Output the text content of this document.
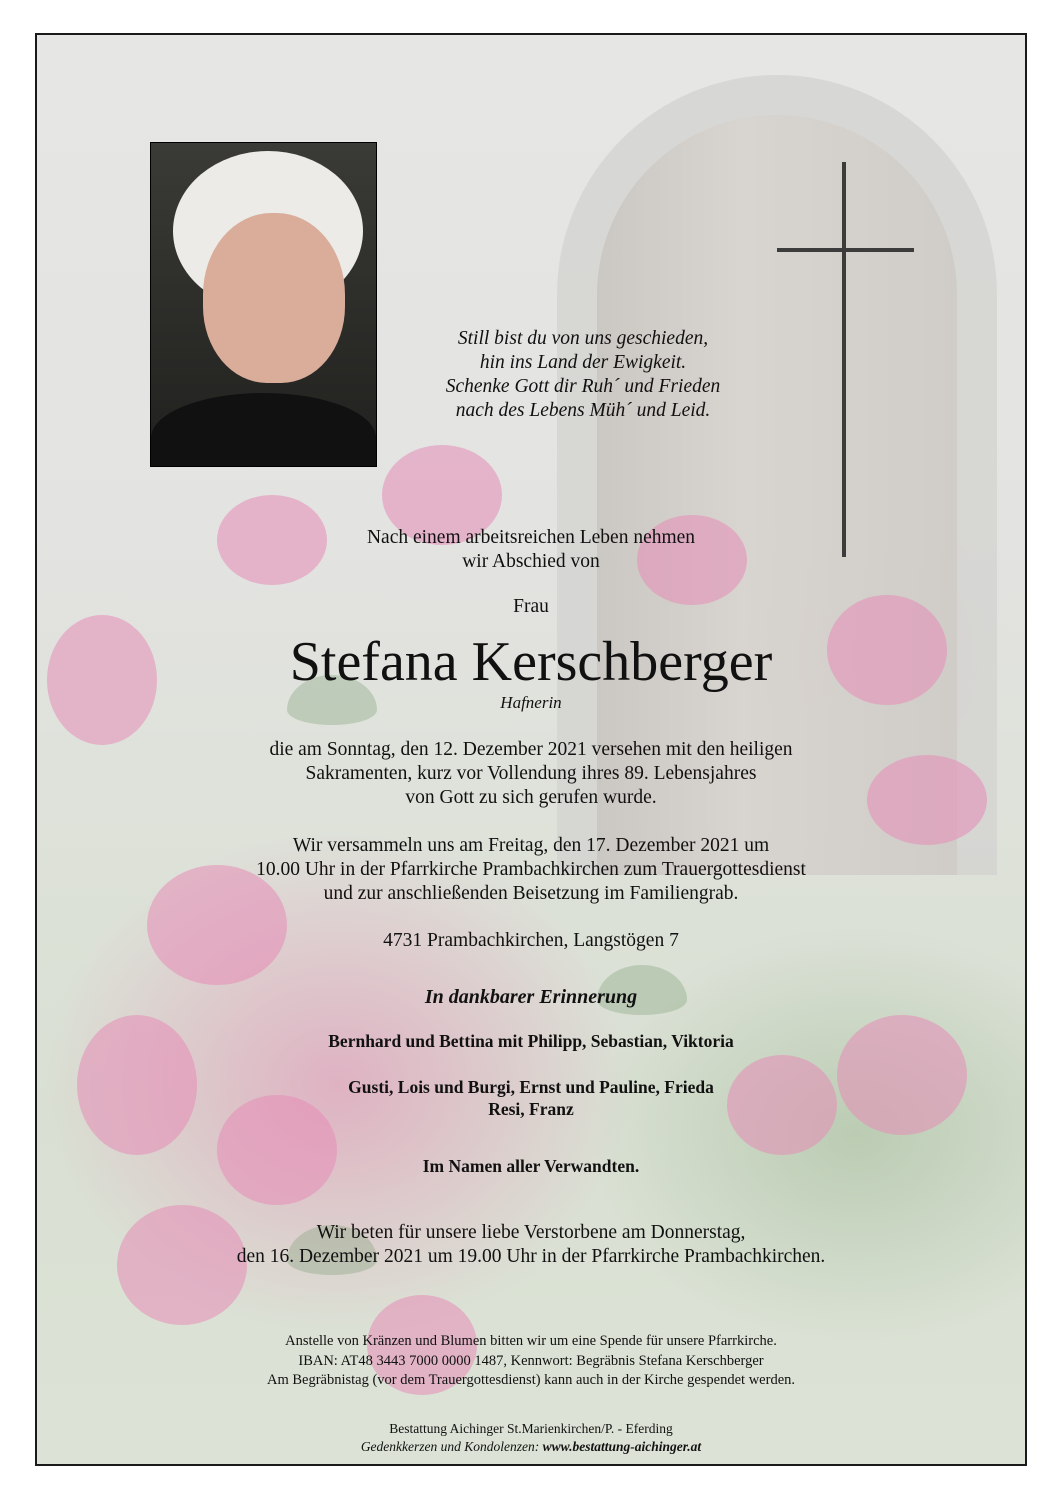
Still bist du von uns geschieden,
hin ins Land der Ewigkeit.
Schenke Gott dir Ruh´ und Frieden
nach des Lebens Müh´ und Leid.
Nach einem arbeitsreichen Leben nehmen
wir Abschied von
Frau
Stefana Kerschberger
Hafnerin
die am Sonntag, den 12. Dezember 2021 versehen mit den heiligen
Sakramenten, kurz vor Vollendung ihres 89. Lebensjahres
von Gott zu sich gerufen wurde.
Wir versammeln uns am Freitag, den 17. Dezember 2021 um
10.00 Uhr in der Pfarrkirche Prambachkirchen zum Trauergottesdienst
und zur anschließenden Beisetzung im Familiengrab.
4731 Prambachkirchen, Langstögen 7
In dankbarer Erinnerung
Bernhard und Bettina mit Philipp, Sebastian, Viktoria
Gusti, Lois und Burgi, Ernst und Pauline, Frieda
Resi, Franz
Im Namen aller Verwandten.
Wir beten für unsere liebe Verstorbene am Donnerstag,
den 16. Dezember 2021 um 19.00 Uhr in der Pfarrkirche Prambachkirchen.
Anstelle von Kränzen und Blumen bitten wir um eine Spende für unsere Pfarrkirche.
IBAN: AT48 3443 7000 0000 1487, Kennwort: Begräbnis Stefana Kerschberger
Am Begräbnistag (vor dem Trauergottesdienst) kann auch in der Kirche gespendet werden.
Bestattung Aichinger St.Marienkirchen/P. - Eferding
Gedenkkerzen und Kondolenzen: www.bestattung-aichinger.at
